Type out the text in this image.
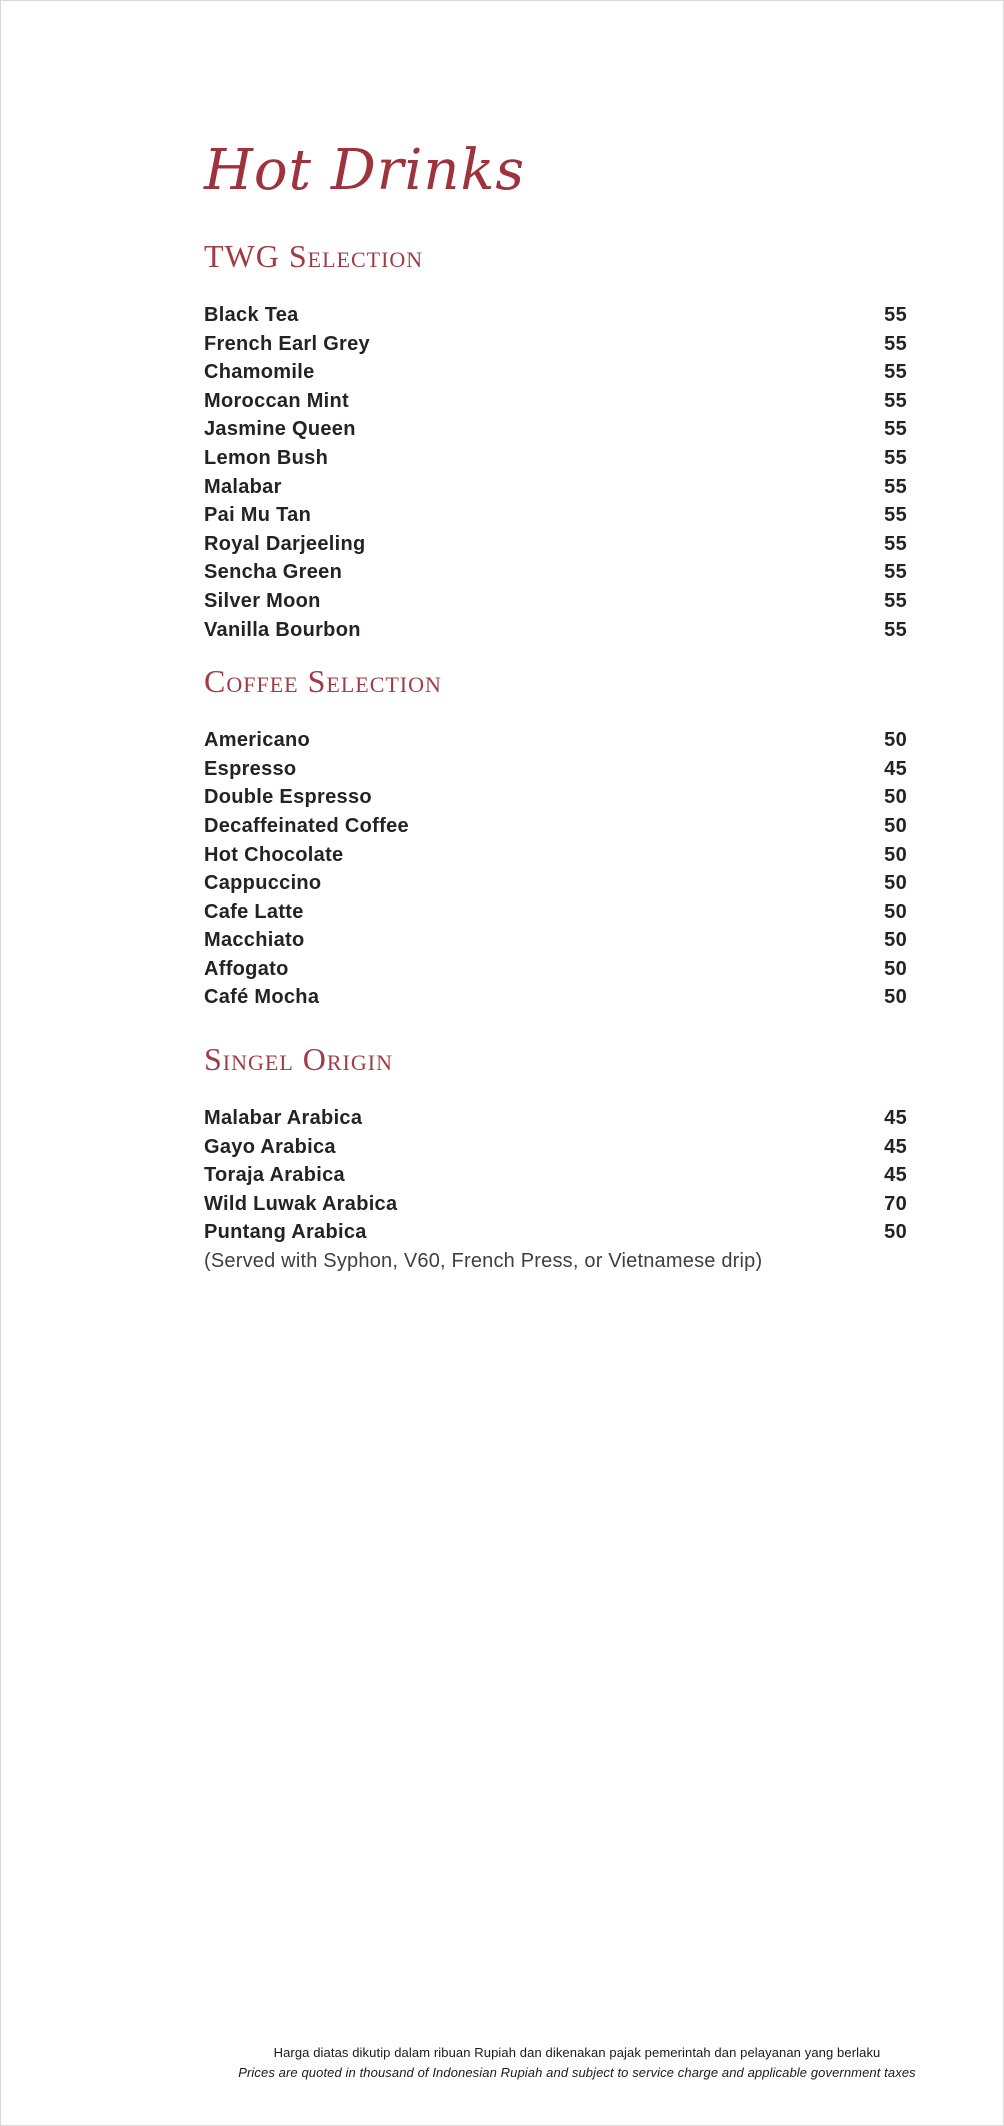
Hot Drinks
TWG Selection
Black Tea	55
French Earl Grey	55
Chamomile	55
Moroccan Mint	55
Jasmine Queen	55
Lemon Bush	55
Malabar	55
Pai Mu Tan	55
Royal Darjeeling	55
Sencha Green	55
Silver Moon	55
Vanilla Bourbon	55
Coffee Selection
Americano	50
Espresso	45
Double Espresso	50
Decaffeinated Coffee	50
Hot Chocolate	50
Cappuccino	50
Cafe Latte	50
Macchiato	50
Affogato	50
Café Mocha	50
Singel Origin
Malabar Arabica	45
Gayo Arabica	45
Toraja Arabica	45
Wild Luwak Arabica	70
Puntang Arabica	50
(Served with Syphon, V60, French Press, or Vietnamese drip)
Harga diatas dikutip dalam ribuan Rupiah dan dikenakan pajak pemerintah dan pelayanan yang berlaku
Prices are quoted in thousand of Indonesian Rupiah and subject to service charge and applicable government taxes
